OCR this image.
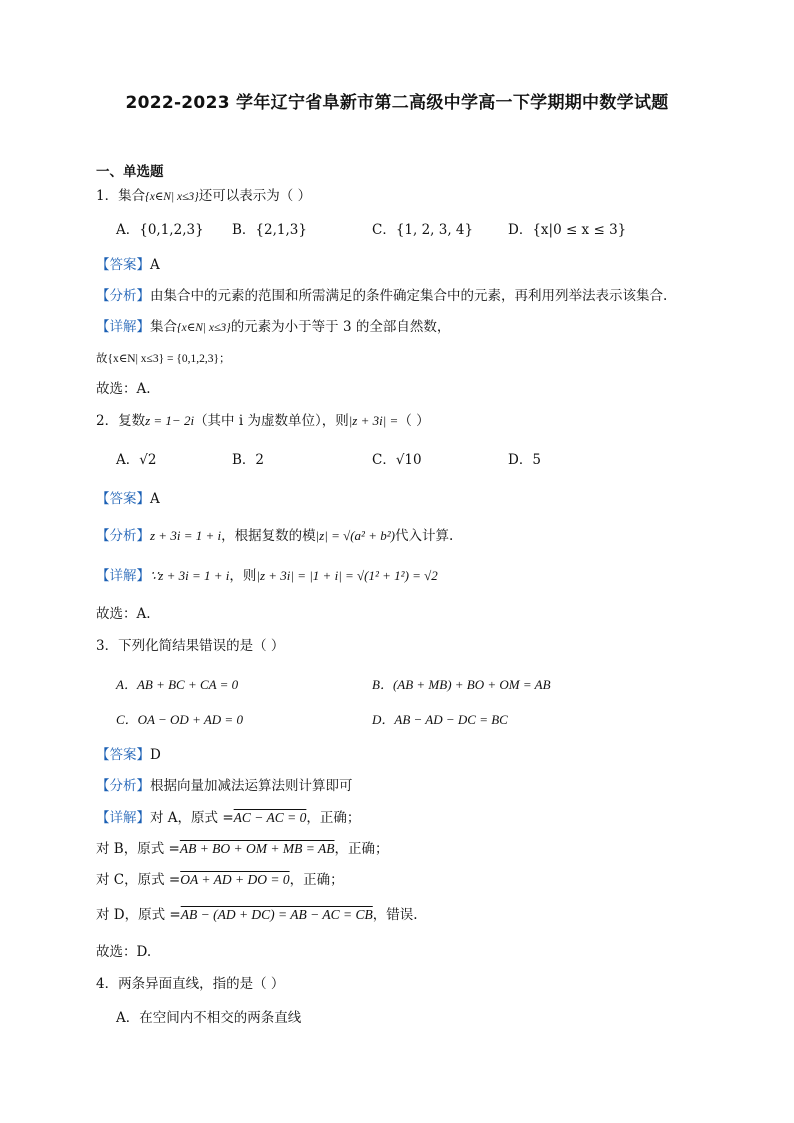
2022-2023 学年辽宁省阜新市第二高级中学高一下学期期中数学试题
一、单选题
1．集合{x∈N| x≤3}还可以表示为（ ）
A．{0,1,2,3} B．{2,1,3}	C．{1, 2, 3, 4}	D．{x|0 ≤ x ≤ 3}
【答案】A
【分析】由集合中的元素的范围和所需满足的条件确定集合中的元素，再利用列举法表示该集合.
【详解】集合{x∈N| x≤3}的元素为小于等于 3 的全部自然数，
故{x∈N| x≤3} = {0,1,2,3}；
故选：A.
2．复数z = 1− 2i（其中 i 为虚数单位），则|z + 3i| =（ ）
A．√2	B．2	C．√10	D．5
【答案】A
【分析】z + 3i = 1 + i，根据复数的模|z| = √(a² + b²)代入计算.
【详解】∵z + 3i = 1 + i，则|z + 3i| = |1 + i| = √(1² + 1²) = √2
故选：A.
3．下列化简结果错误的是（ ）
A．AB + BC + CA = 0	B．(AB + MB) + BO + OM = AB
C．OA − OD + AD = 0	D．AB − AD − DC = BC
【答案】D
【分析】根据向量加减法运算法则计算即可
【详解】对 A，原式 =AC − AC = 0，正确；
对 B，原式 =AB + BO + OM + MB = AB，正确；
对 C，原式 =OA + AD + DO = 0，正确；
对 D，原式 =AB − (AD + DC) = AB − AC = CB，错误.
故选：D.
4．两条异面直线，指的是（ ）
A．在空间内不相交的两条直线
